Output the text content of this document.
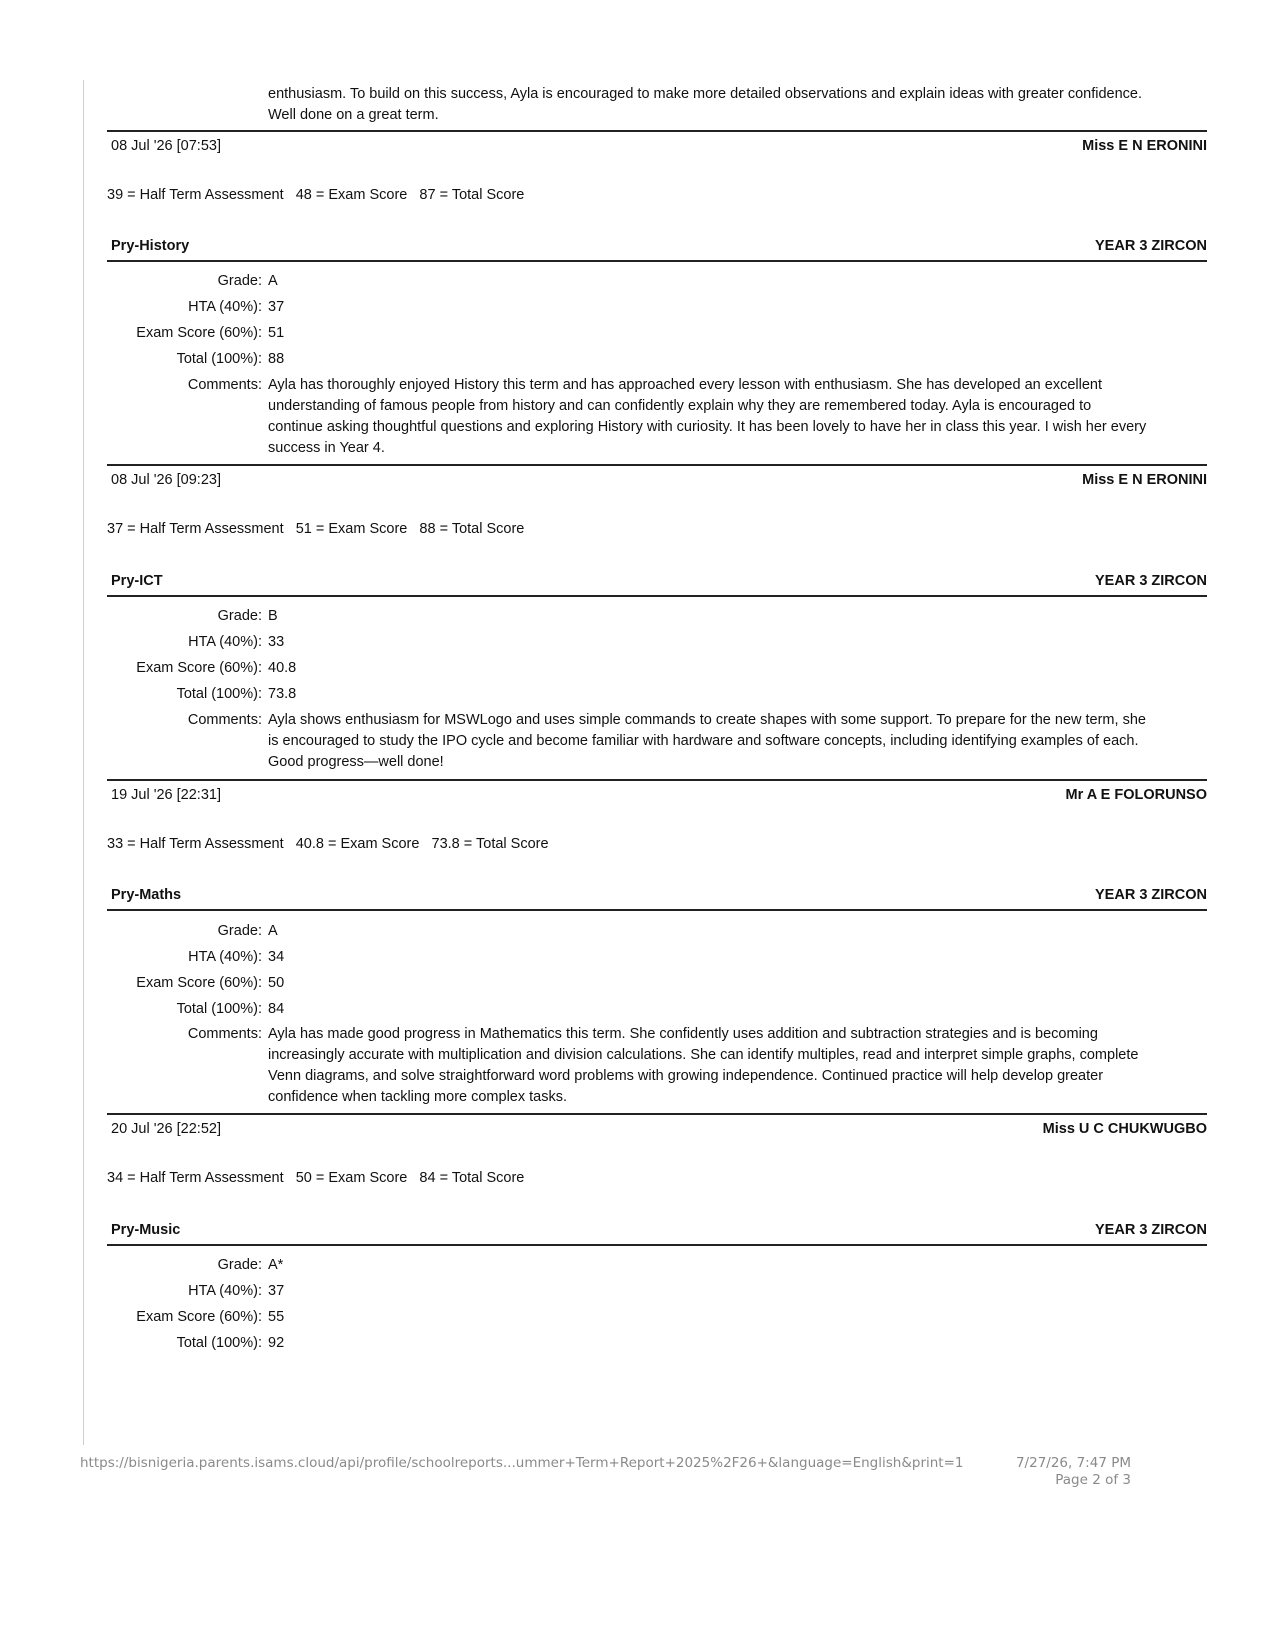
enthusiasm. To build on this success, Ayla is encouraged to make more detailed observations and explain ideas with greater confidence. Well done on a great term.
08 Jul '26 [07:53]	Miss E N ERONINI
39 = Half Term Assessment   48 = Exam Score   87 = Total Score
Pry-History	YEAR 3 ZIRCON
Grade: A
HTA (40%): 37
Exam Score (60%): 51
Total (100%): 88
Comments: Ayla has thoroughly enjoyed History this term and has approached every lesson with enthusiasm. She has developed an excellent understanding of famous people from history and can confidently explain why they are remembered today. Ayla is encouraged to continue asking thoughtful questions and exploring History with curiosity. It has been lovely to have her in class this year. I wish her every success in Year 4.
08 Jul '26 [09:23]	Miss E N ERONINI
37 = Half Term Assessment   51 = Exam Score   88 = Total Score
Pry-ICT	YEAR 3 ZIRCON
Grade: B
HTA (40%): 33
Exam Score (60%): 40.8
Total (100%): 73.8
Comments: Ayla shows enthusiasm for MSWLogo and uses simple commands to create shapes with some support. To prepare for the new term, she is encouraged to study the IPO cycle and become familiar with hardware and software concepts, including identifying examples of each. Good progress—well done!
19 Jul '26 [22:31]	Mr A E FOLORUNSO
33 = Half Term Assessment   40.8 = Exam Score   73.8 = Total Score
Pry-Maths	YEAR 3 ZIRCON
Grade: A
HTA (40%): 34
Exam Score (60%): 50
Total (100%): 84
Comments: Ayla has made good progress in Mathematics this term. She confidently uses addition and subtraction strategies and is becoming increasingly accurate with multiplication and division calculations. She can identify multiples, read and interpret simple graphs, complete Venn diagrams, and solve straightforward word problems with growing independence. Continued practice will help develop greater confidence when tackling more complex tasks.
20 Jul '26 [22:52]	Miss U C CHUKWUGBO
34 = Half Term Assessment   50 = Exam Score   84 = Total Score
Pry-Music	YEAR 3 ZIRCON
Grade: A*
HTA (40%): 37
Exam Score (60%): 55
Total (100%): 92
https://bisnigeria.parents.isams.cloud/api/profile/schoolreports...ummer+Term+Report+2025%2F26+&language=English&print=1	7/27/26, 7:47 PM
Page 2 of 3
